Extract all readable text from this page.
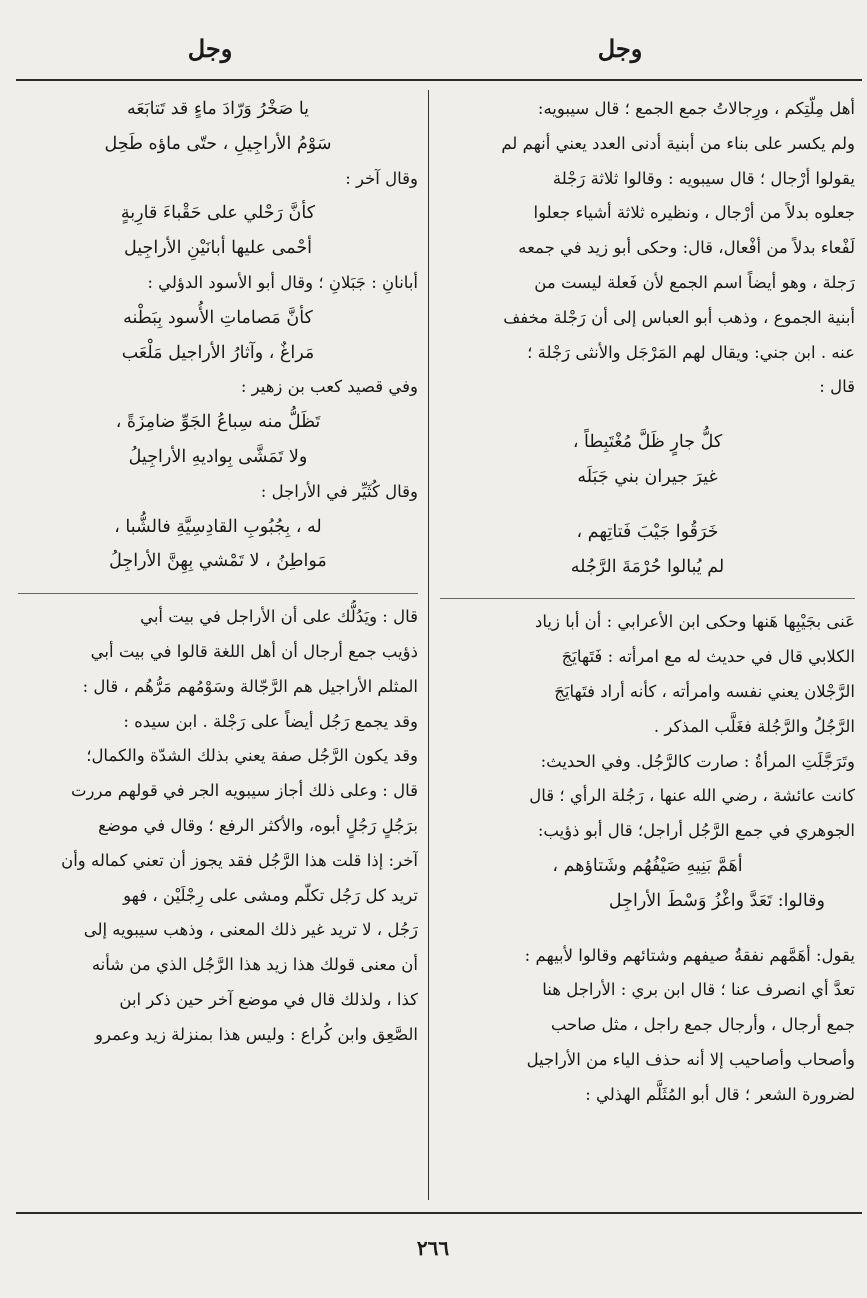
وجل
وجل
أهل مِلّتِكم ، ورِجالاتُ جمع الجمع ؛ قال سيبويه:
ولم يكسر على بناء من أبنية أدنى العدد يعني أنهم لم
يقولوا أرْجال ؛ قال سيبويه : وقالوا ثلاثة رَجْلة
جعلوه بدلاً من أرْجال ، ونظيره ثلاثة أشياء جعلوا
لَفْعاء بدلاً من أفْعال، قال: وحكى أبو زيد في جمعه
رَجلة ، وهو أيضاً اسم الجمع لأن فَعلة ليست من
أبنية الجموع ، وذهب أبو العباس إلى أن رَجْلة مخفف
عنه . ابن جني: ويقال لهم المَرْجَل والأنثى رَجْلة ؛
قال :
كلُّ جارٍ ظَلَّ مُغْتَبِطاً ،
غيرَ جيران بني جَبَلَه
خَرَقُوا جَيْبَ فَتاتِهم ،
لم يُبالوا حُرْمَةَ الرَّجُله
عَنى بجَيْبِها هَنها وحكى ابن الأعرابي : أن أبا زياد
الكلابي قال في حديث له مع امرأته : فَتَهايَجَ
الرَّجْلان يعني نفسه وامرأته ، كأنه أراد فتَهايَجَ
الرَّجُلُ والرَّجُلة فغَلَّب المذكر .
وتَرَجَّلَتِ المرأةُ : صارت كالرَّجُل. وفي الحديث:
كانت عائشة ، رضي الله عنها ، رَجُلة الرأي ؛ قال
الجوهري في جمع الرَّجُل أراجل؛ قال أبو ذؤيب:
أهَمَّ بَنِيهِ صَيْفُهُم وشَتاؤهم ،
وقالوا: تَعَدَّ واغْزُ وَسْطَ الأراجِل
يقول: أهَمَّهم نفقةُ صيفهم وشتائهم وقالوا لأبيهم :
تعدَّ أي انصرف عنا ؛ قال ابن بري : الأراجل هنا
جمع أرجال ، وأرجال جمع راجل ، مثل صاحب
وأصحاب وأصاحيب إلا أنه حذف الياء من الأراجيل
لضرورة الشعر ؛ قال أبو المُثَلَّم الهذلي :
يا صَخْرُ وَرّادَ ماءٍ قد تَتابَعَه
سَوْمُ الأراجِيلِ ، حتّى ماؤه طَحِل
وقال آخر :
كأنَّ رَحْلي على حَقْباءَ قارِبةٍ
أحْمى عليها أبانَيْنِ الأراجِيل
أبانانِ : جَبَلانِ ؛ وقال أبو الأسود الدؤلي :
كأنَّ مَصاماتِ الأُسود بِبَطْنه
مَراغٌ ، وآثارُ الأراجيل مَلْعَب
وفي قصيد كعب بن زهير :
تَظَلُّ منه سِباعُ الجَوِّ ضامِزَةً ،
ولا تَمَشَّى بِواديهِ الأراجِيلُ
وقال كُثَيِّر في الأراجل :
له ، بِجُبُوبِ القادِسِيَّةِ فالشُّبا ،
مَواطِنُ ، لا تَمْشي بِهِنَّ الأراجِلُ
قال : ويَدُلُّك على أن الأراجل في بيت أبي
ذؤيب جمع أرجال أن أهل اللغة قالوا في بيت أبي
المثلم الأراجيل هم الرَّجّالة وسَوْمُهم مَرُّهُم ، قال :
وقد يجمع رَجُل أيضاً على رَجْلة . ابن سيده :
وقد يكون الرَّجُل صفة يعني بذلك الشدّة والكمال؛
قال : وعلى ذلك أجاز سيبويه الجر في قولهم مررت
برَجُلٍ رَجُلٍ أبوه، والأكثر الرفع ؛ وقال في موضع
آخر: إذا قلت هذا الرَّجُل فقد يجوز أن تعني كماله وأن
تريد كل رَجُل تكلّم ومشى على رِجْلَيْن ، فهو
رَجُل ، لا تريد غير ذلك المعنى ، وذهب سيبويه إلى
أن معنى قولك هذا زيد هذا الرَّجُل الذي من شأنه
كذا ، ولذلك قال في موضع آخر حين ذكر ابن
الصَّعِق وابن كُراع : وليس هذا بمنزلة زيد وعمرو
٢٦٦
